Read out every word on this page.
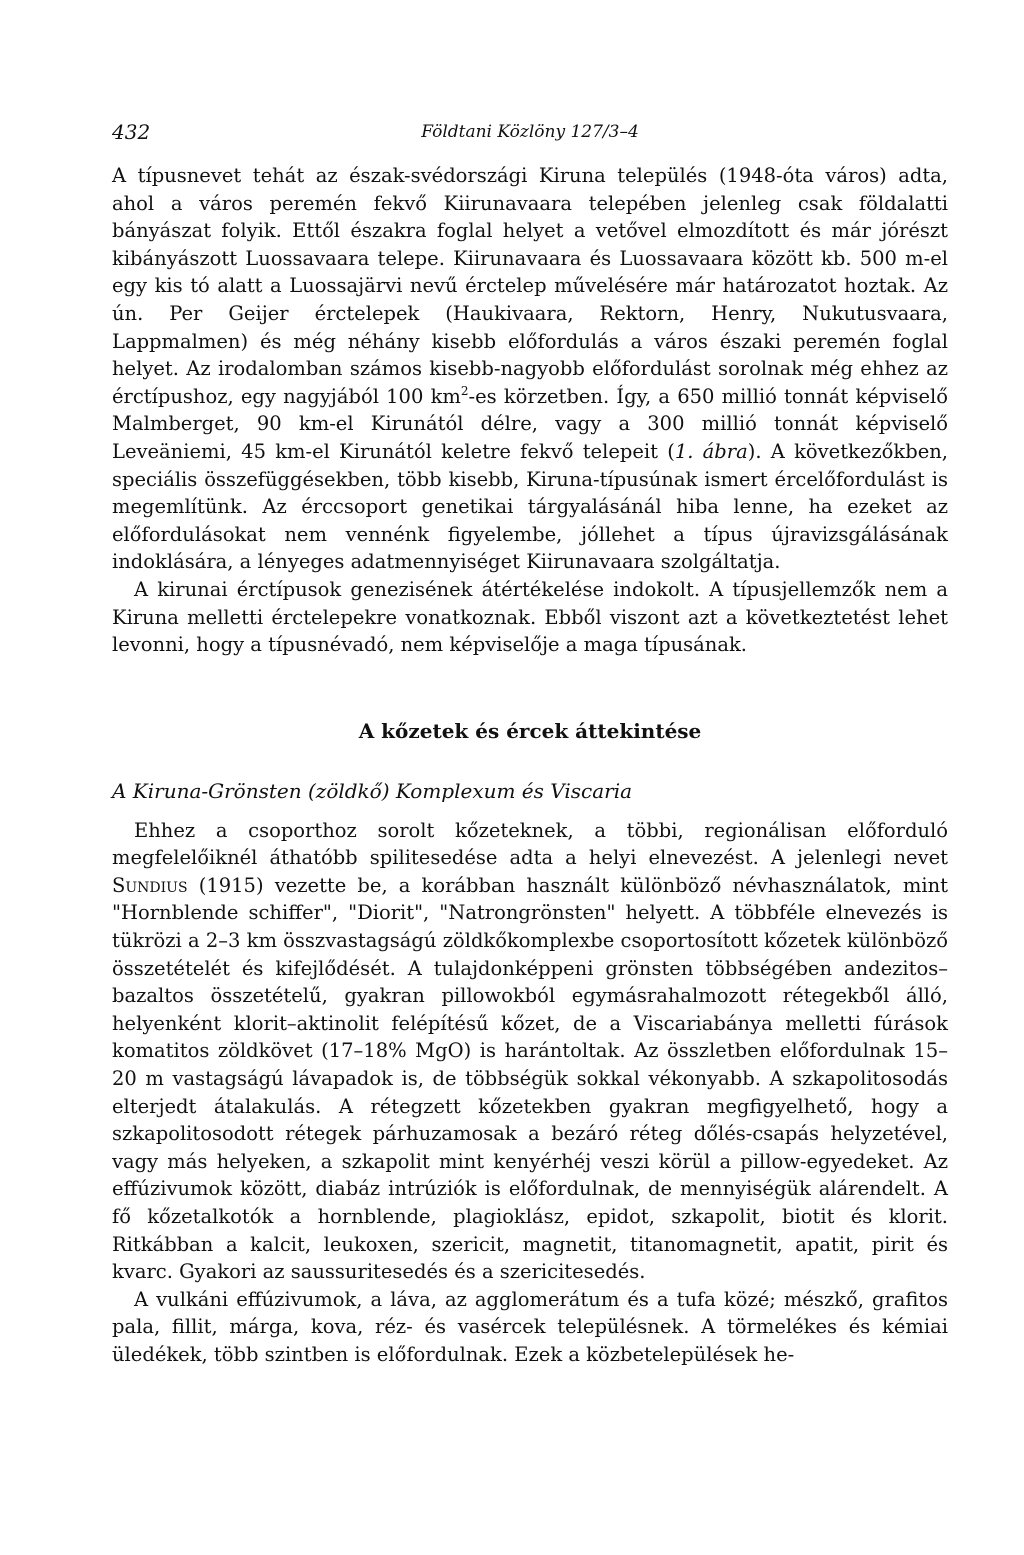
432	Földtani Közlöny 127/3–4

A típusnevet tehát az észak-svédországi Kiruna település (1948-óta város) adta, ahol a város peremén fekvő Kiirunavaara telepében jelenleg csak földalatti bányászat folyik. Ettől északra foglal helyet a vetővel elmozdított és már jórészt kibányászott Luossavaara telepe. Kiirunavaara és Luossavaara között kb. 500 m-el egy kis tó alatt a Luossajärvi nevű érctelep művelésére már határozatot hoztak. Az ún. Per Geijer érctelepek (Haukivaara, Rektorn, Henry, Nukutusvaara, Lappmalmen) és még néhány kisebb előfordulás a város északi peremén foglal helyet. Az irodalomban számos kisebb-nagyobb előfordulást sorolnak még ehhez az érctípushoz, egy nagyjából 100 $km^2-es$ körzetben. Így, a 650 millió tonnát képviselő Malmberget, 90 km-el Kirunától délre, vagy a 300 millió tonnát képviselő Leveäniemi, 45 km-el Kirunától keletre fekvő telepeit (1. ábra). A következőkben, speciális összefüggésekben, több kisebb, Kiruna-típusúnak ismert ércelőfordulást is megemlítünk. Az érccsoport genetikai tárgyalásánál hiba lenne, ha ezeket az előfordulásokat nem vennénk figyelembe, jóllehet a típus újravizsgálásának indoklására, a lényeges adatmennyiséget Kiirunavaara szolgáltatja.

A kirunai érctípusok genezisének átértékelése indokolt. A típusjellemzők nem a Kiruna melletti érctelepekre vonatkoznak. Ebből viszont azt a következtetést lehet levonni, hogy a típusnévadó, nem képviselője a maga típusának.

A kőzetek és ércek áttekintése
A Kiruna-Grönsten (zöldkő) Komplexum és Viscaria

Ehhez a csoporthoz sorolt kőzeteknek, a többi, regionálisan előforduló megfelelőiknél áthatóbb spilitesedése adta a helyi elnevezést. A jelenlegi nevet Sundius (1915) vezette be, a korábban használt különböző névhasználatok, mint "Hornblende schiffer", "Diorit", "Natrongrönsten" helyett. A többféle elnevezés is tükrözi a 2–3 km összvastagságú zöldkőkomplexbe csoportosított kőzetek különböző összetételét és kifejlődését. A tulajdonképpeni grönsten többségében andezitos–bazaltos összetételű, gyakran pillowokból egymásrahalmozott rétegekből álló, helyenként klorit–aktinolit felépítésű kőzet, de a Viscariabánya melletti fúrások komatitos zöldkövet (17–18% MgO) is harántoltak. Az összletben előfordulnak 15–20 m vastagságú lávapadok is, de többségük sokkal vékonyabb. A szkapolitosodás elterjedt átalakulás. A rétegzett kőzetekben gyakran megfigyelhető, hogy a szkapolitosodott rétegek párhuzamosak a bezáró réteg dőlés-csapás helyzetével, vagy más helyeken, a szkapolit mint kenyérhéj veszi körül a pillow-egyedeket. Az effúzivumok között, diabáz intrúziók is előfordulnak, de mennyiségük alárendelt. A fő kőzetalkotók a hornblende, plagioklász, epidot, szkapolit, biotit és klorit. Ritkábban a kalcit, leukoxen, szericit, magnetit, titanomagnetit, apatit, pirit és kvarc. Gyakori az saussuritesedés és a szericitesedés.

A vulkáni effúzivumok, a láva, az agglomerátum és a tufa közé; mészkő, grafitos pala, fillit, márga, kova, réz- és vasércek településnek. A törmelékes és kémiai üledékek, több szintben is előfordulnak. Ezek a közbetelepülések he-
